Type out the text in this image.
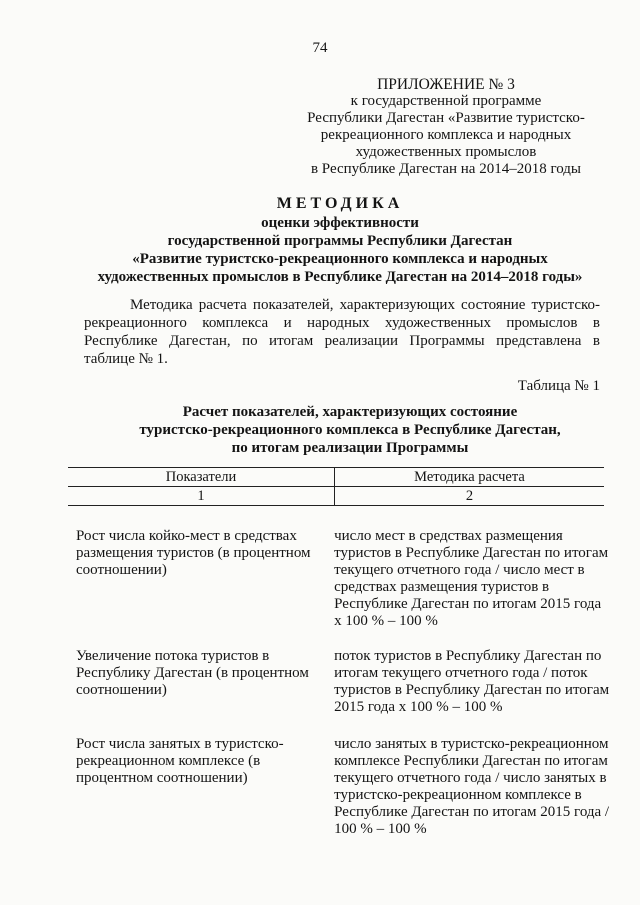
74
ПРИЛОЖЕНИЕ № 3
к государственной программе
Республики Дагестан «Развитие туристско-
рекреационного комплекса и народных
художественных промыслов
в Республике Дагестан на 2014–2018 годы
МЕТОДИКА
оценки эффективности
государственной программы Республики Дагестан
«Развитие туристско-рекреационного комплекса и народных
художественных промыслов в Республике Дагестан на 2014–2018 годы»
Методика расчета показателей, характеризующих состояние туристско-рекреационного комплекса и народных художественных промыслов в Республике Дагестан, по итогам реализации Программы представлена в таблице № 1.
Таблица № 1
Расчет показателей, характеризующих состояние
туристско-рекреационного комплекса в Республике Дагестан,
по итогам реализации Программы
Показатели	Методика расчета
1	2
Рост числа койко-мест в средствах размещения туристов (в процентном соотношении)
число мест в средствах размещения туристов в Республике Дагестан по итогам текущего отчетного года / число мест в средствах размещения туристов в Республике Дагестан по итогам 2015 года x 100 % – 100 %
Увеличение потока туристов в Республику Дагестан (в процентном соотношении)
поток туристов в Республику Дагестан по итогам текущего отчетного года / поток туристов в Республику Дагестан по итогам 2015 года x 100 % – 100 %
Рост числа занятых в туристско-рекреационном комплексе (в процентном соотношении)
число занятых в туристско-рекреационном комплексе Республики Дагестан по итогам текущего отчетного года / число занятых в туристско-рекреационном комплексе в Республике Дагестан по итогам 2015 года / 100 % – 100 %
